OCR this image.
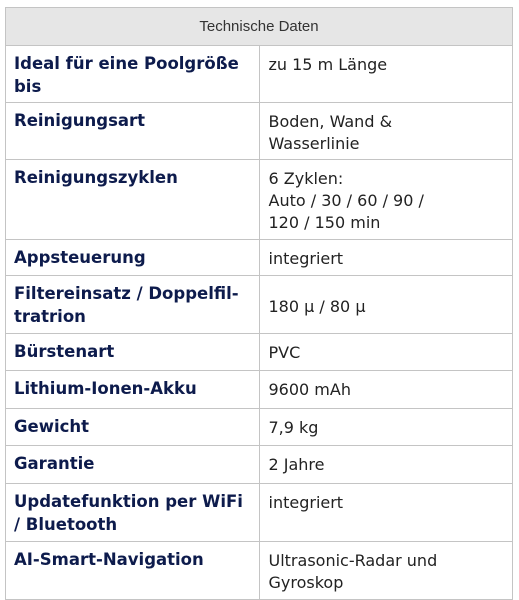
Technische Daten	
Ideal für eine Poolgröße bis	zu 15 m Länge

Reinigungsart	Boden, Wand &
Wasserlinie

Reinigungszyklen	6 Zyklen:
Auto / 30 / 60 / 90 /
120 / 150 min

Appsteuerung	integriert

Filtereinsatz / Doppelfil- tratrion	180 µ / 80 µ

Bürstenart	PVC

Lithium-Ionen-Akku	9600 mAh

Gewicht	7,9 kg

Garantie	2 Jahre

Updatefunktion per WiFi / Bluetooth	integriert

AI-Smart-Navigation	Ultrasonic-Radar und
Gyroskop
